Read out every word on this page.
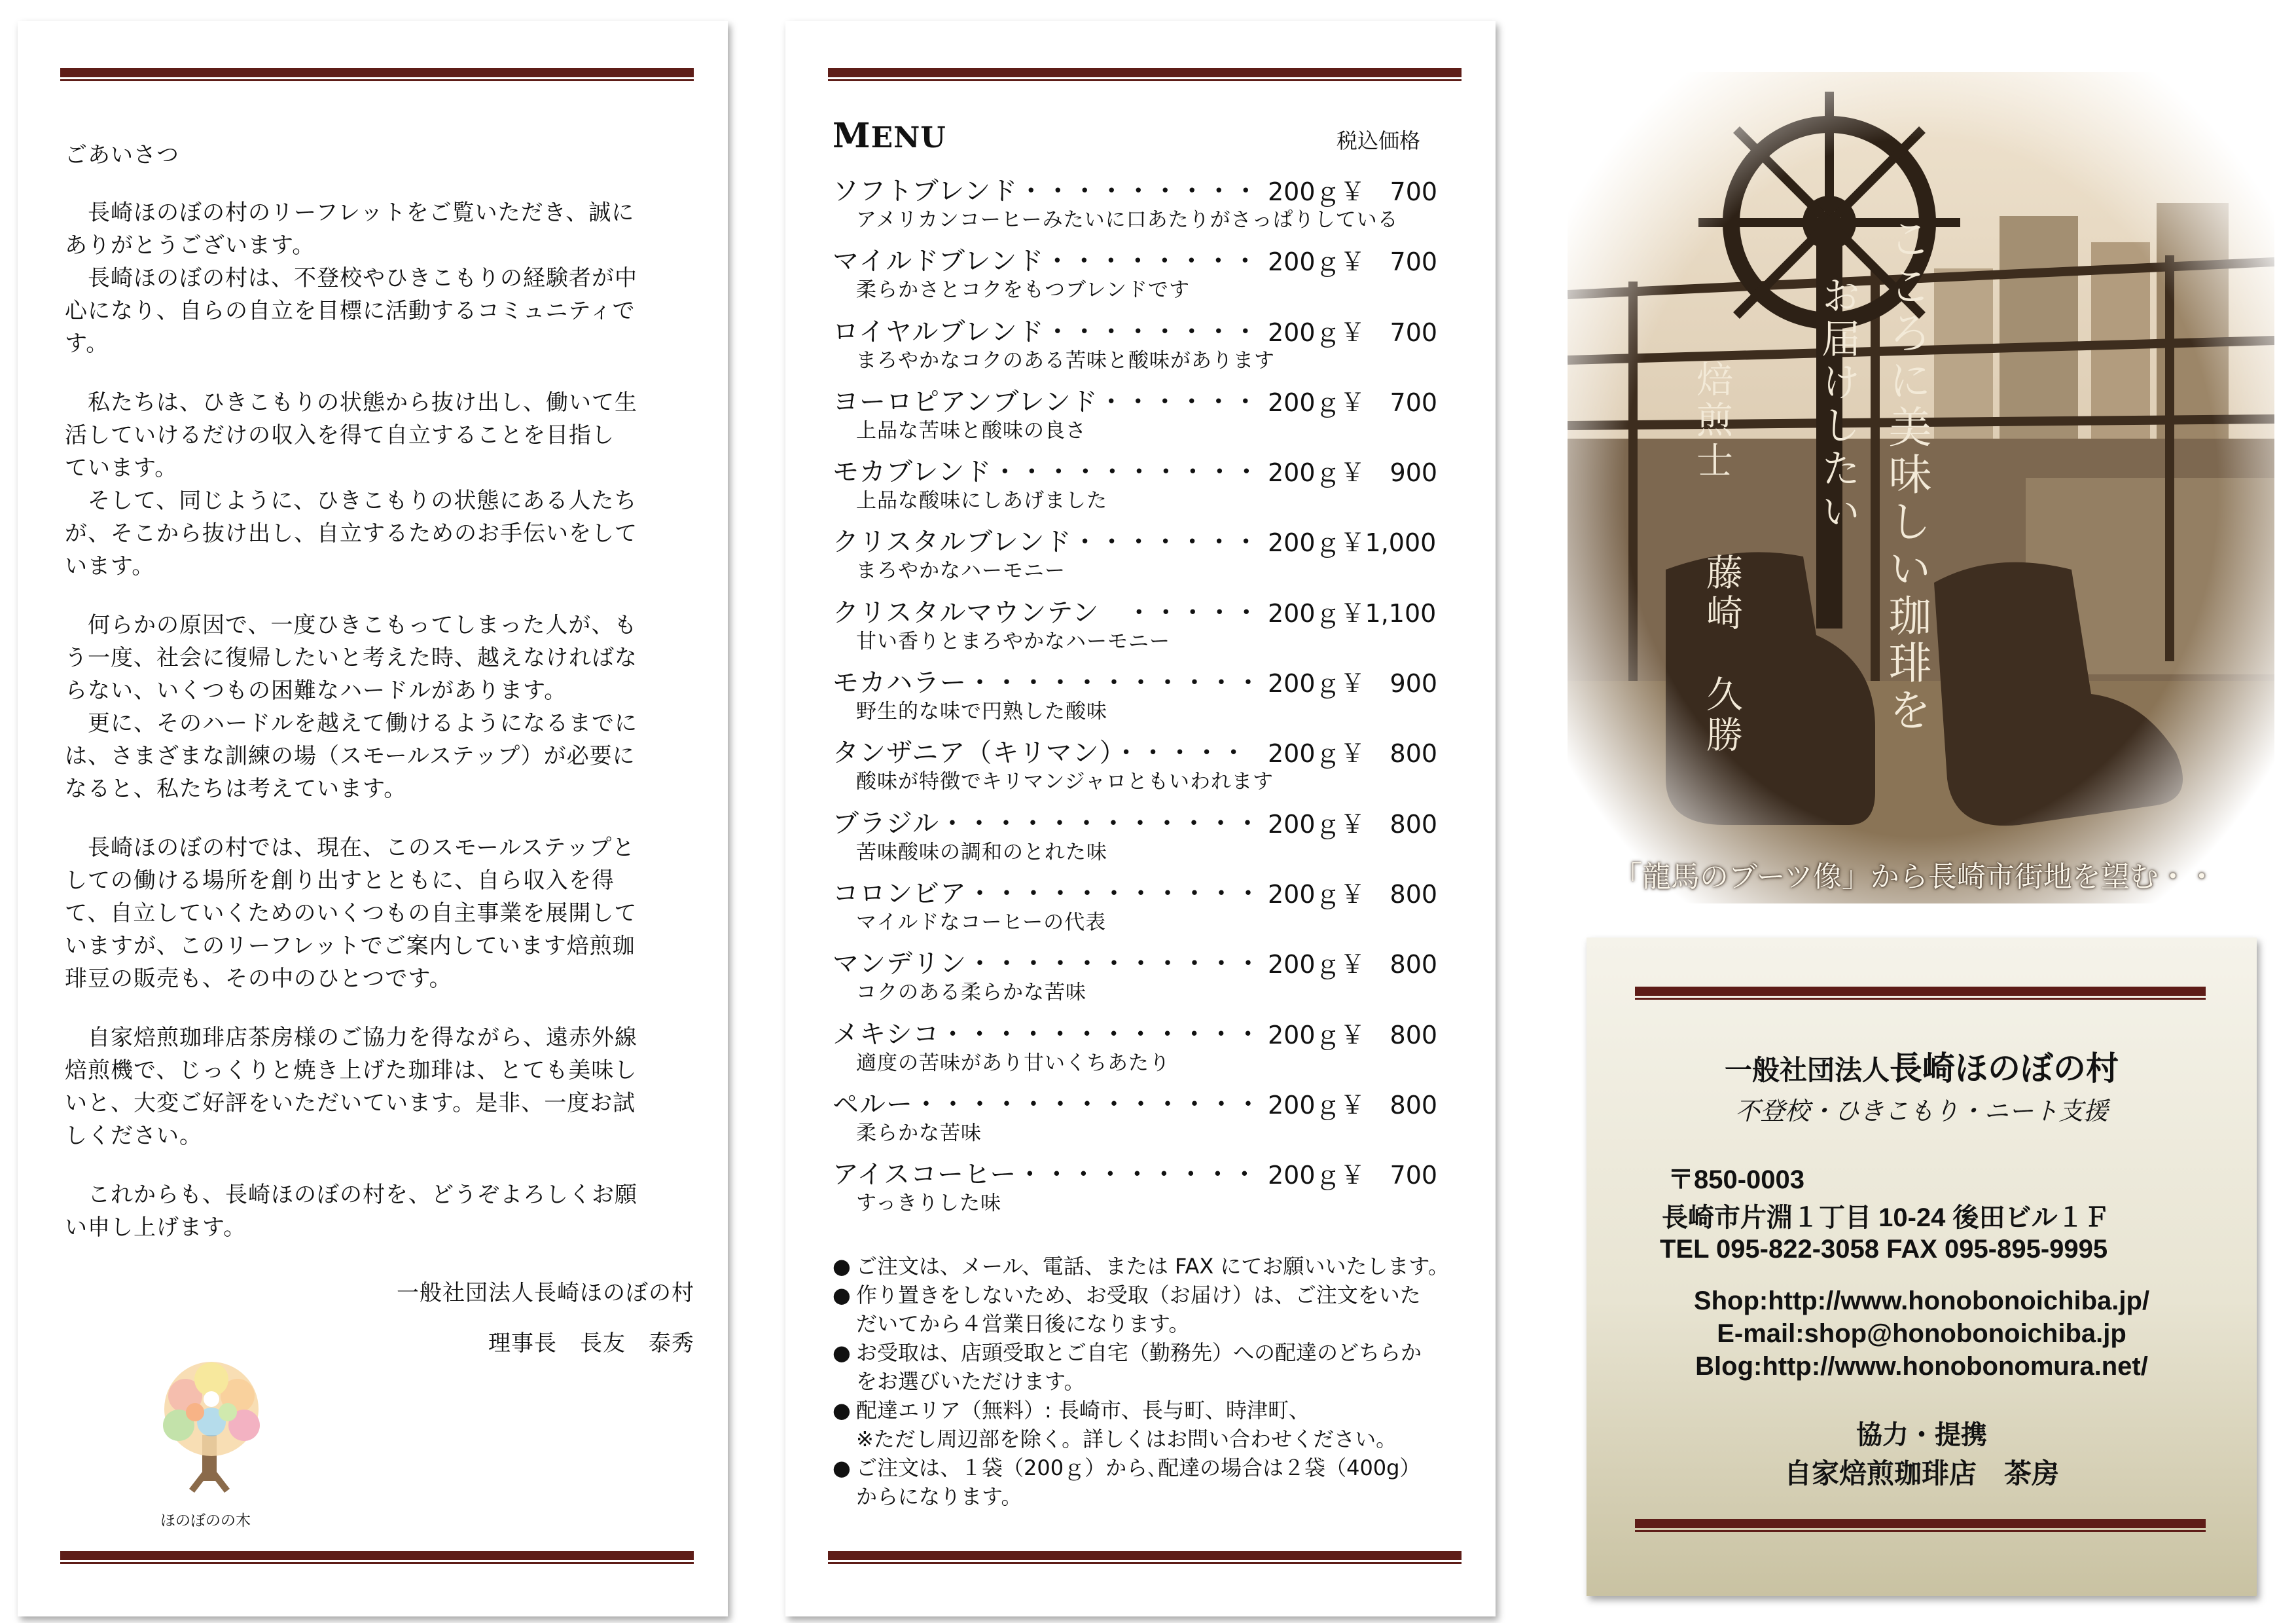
ごあいさつ

　長崎ほのぼの村のリーフレットをご覧いただき、誠に

ありがとうございます。

　長崎ほのぼの村は、不登校やひきこもりの経験者が中

心になり、自らの自立を目標に活動するコミュニティで

す。

　私たちは、ひきこもりの状態から抜け出し、働いて生

活していけるだけの収入を得て自立することを目指し

ています。

　そして、同じように、ひきこもりの状態にある人たち

が、そこから抜け出し、自立するためのお手伝いをして

います。

　何らかの原因で、一度ひきこもってしまった人が、も

う一度、社会に復帰したいと考えた時、越えなければな

らない、いくつもの困難なハードルがあります。

　更に、そのハードルを越えて働けるようになるまでに

は、さまざまな訓練の場（スモールステップ）が必要に

なると、私たちは考えています。

　長崎ほのぼの村では、現在、このスモールステップと

しての働ける場所を創り出すとともに、自ら収入を得

て、自立していくためのいくつもの自主事業を展開して

いますが、このリーフレットでご案内しています焙煎珈

琲豆の販売も、その中のひとつです。

　自家焙煎珈琲店茶房様のご協力を得ながら、遠赤外線

焙煎機で、じっくりと焼き上げた珈琲は、とても美味し

いと、大変ご好評をいただいています。是非、一度お試

しください。

　これからも、長崎ほのぼの村を、どうぞよろしくお願

い申し上げます。

一般社団法人長崎ほのぼの村
理事長　長友　泰秀
ほのぼのの木
MENU	税込価格
ソフトブレンド・・・・・・・・・ 200ｇ￥　700
アメリカンコーヒーみたいに口あたりがさっぱりしている
マイルドブレンド・・・・・・・・ 200ｇ￥　700
柔らかさとコクをもつブレンドです
ロイヤルブレンド・・・・・・・・ 200ｇ￥　700
まろやかなコクのある苦味と酸味があります
ヨーロピアンブレンド・・・・・・ 200ｇ￥　700
上品な苦味と酸味の良さ
モカブレンド・・・・・・・・・・ 200ｇ￥　900
上品な酸味にしあげました
クリスタルブレンド・・・・・・・ 200ｇ￥1,000
まろやかなハーモニー
クリスタルマウンテン　・・・・・ 200ｇ￥1,100
甘い香りとまろやかなハーモニー
モカハラー・・・・・・・・・・・ 200ｇ￥　900
野生的な味で円熟した酸味
タンザニア（キリマン）・・・・・ 200ｇ￥　800
酸味が特徴でキリマンジャロともいわれます
ブラジル・・・・・・・・・・・・ 200ｇ￥　800
苦味酸味の調和のとれた味
コロンビア・・・・・・・・・・・ 200ｇ￥　800
マイルドなコーヒーの代表
マンデリン・・・・・・・・・・・ 200ｇ￥　800
コクのある柔らかな苦味
メキシコ・・・・・・・・・・・・ 200ｇ￥　800
適度の苦味があり甘いくちあたり
ペルー・・・・・・・・・・・・・ 200ｇ￥　800
柔らかな苦味
アイスコーヒー・・・・・・・・・ 200ｇ￥　700
すっきりした味
● ご注文は、メール、電話、または FAX にてお願いいたします。
● 作り置きをしないため、お受取（お届け）は、ご注文をいた
だいてから４営業日後になります。
● お受取は、店頭受取とご自宅（勤務先）への配達のどちらか
をお選びいただけます。
● 配達エリア（無料）: 長崎市、長与町、時津町、
※ただし周辺部を除く。詳しくはお問い合わせください。
● ご注文は、１袋（200ｇ）から､配達の場合は２袋（400g）
からになります。
こころに美味しい珈琲を
お届けしたい
焙煎士
藤崎　久勝
「龍馬のブーツ像」から長崎市街地を望む・・
一般社団法人長崎ほのぼの村
不登校・ひきこもり・ニート支援
〒850-0003
長崎市片淵１丁目 10-24 後田ビル１Ｆ
TEL 095-822-3058 FAX 095-895-9995
Shop:http://www.honobonoichiba.jp/
E-mail:shop@honobonoichiba.jp
Blog:http://www.honobonomura.net/
協力・提携
自家焙煎珈琲店　茶房
